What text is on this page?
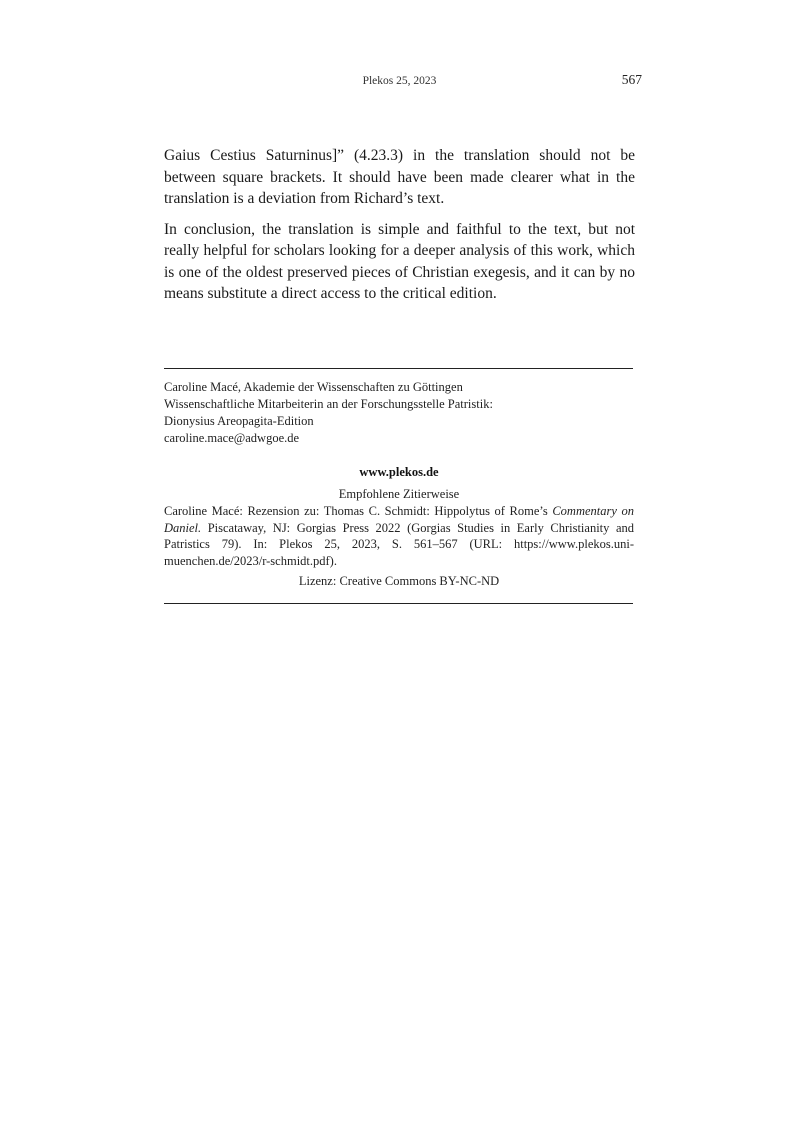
Plekos 25, 2023	567

Gaius Cestius Saturninus]” (4.23.3) in the translation should not be between square brackets. It should have been made clearer what in the translation is a deviation from Richard’s text.

In conclusion, the translation is simple and faithful to the text, but not really helpful for scholars looking for a deeper analysis of this work, which is one of the oldest preserved pieces of Christian exegesis, and it can by no means substitute a direct access to the critical edition.

Caroline Macé, Akademie der Wissenschaften zu Göttingen
Wissenschaftliche Mitarbeiterin an der Forschungsstelle Patristik:
Dionysius Areopagita-Edition
caroline.mace@adwgoe.de
www.plekos.de
Empfohlene Zitierweise
Caroline Macé: Rezension zu: Thomas C. Schmidt: Hippolytus of Rome’s Commentary on Daniel. Piscataway, NJ: Gorgias Press 2022 (Gorgias Studies in Early Christianity and Patristics 79). In: Plekos 25, 2023, S. 561–567 (URL: https://www.plekos.uni-muenchen.de/2023/r-schmidt.pdf).
Lizenz: Creative Commons BY-NC-ND
